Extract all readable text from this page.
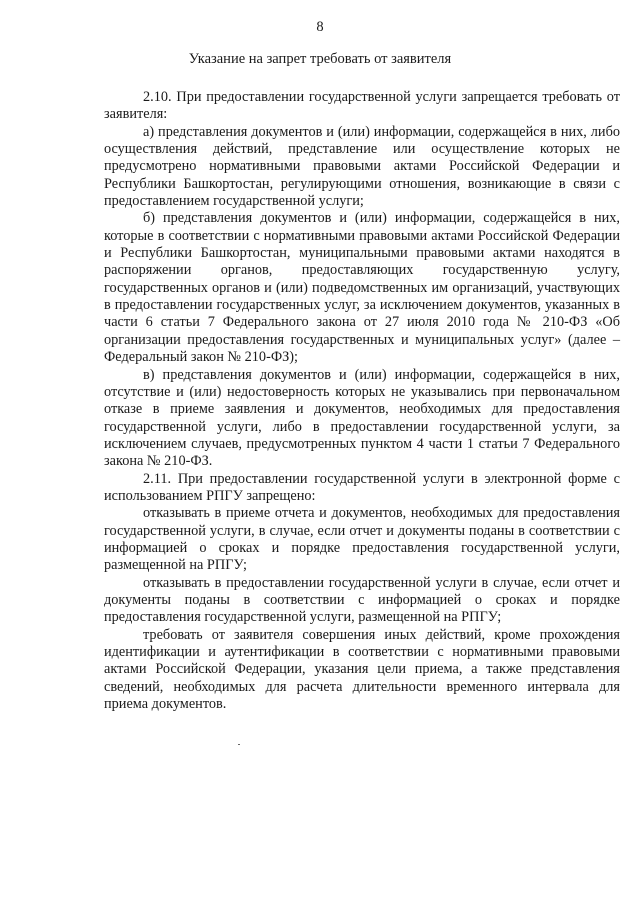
8
Указание на запрет требовать от заявителя

2.10. При предоставлении государственной услуги запрещается требовать от заявителя:

а) представления документов и (или) информации, содержащейся в них, либо осуществления действий, представление или осуществление которых не предусмотрено нормативными правовыми актами Российской Федерации и Республики Башкортостан, регулирующими отношения, возникающие в связи с предоставлением государственной услуги;

б) представления документов и (или) информации, содержащейся в них, которые в соответствии с нормативными правовыми актами Российской Федерации и Республики Башкортостан, муниципальными правовыми актами находятся в распоряжении органов, предоставляющих государственную услугу, государственных органов и (или) подведомственных им организаций, участвующих в предоставлении государственных услуг, за исключением документов, указанных в части 6 статьи 7 Федерального закона от 27 июля 2010 года № 210-ФЗ «Об организации предоставления государственных и муниципальных услуг» (далее – Федеральный закон № 210-ФЗ);

в) представления документов и (или) информации, содержащейся в них, отсутствие и (или) недостоверность которых не указывались при первоначальном отказе в приеме заявления и документов, необходимых для предоставления государственной услуги, либо в предоставлении государственной услуги, за исключением случаев, предусмотренных пунктом 4 части 1 статьи 7 Федерального закона № 210-ФЗ.

2.11. При предоставлении государственной услуги в электронной форме с использованием РПГУ запрещено:

отказывать в приеме отчета и документов, необходимых для предоставления государственной услуги, в случае, если отчет и документы поданы в соответствии с информацией о сроках и порядке предоставления государственной услуги, размещенной на РПГУ;

отказывать в предоставлении государственной услуги в случае, если отчет и документы поданы в соответствии с информацией о сроках и порядке предоставления государственной услуги, размещенной на РПГУ;

требовать от заявителя совершения иных действий, кроме прохождения идентификации и аутентификации в соответствии с нормативными правовыми актами Российской Федерации, указания цели приема, а также представления сведений, необходимых для расчета длительности временного интервала для приема документов.
